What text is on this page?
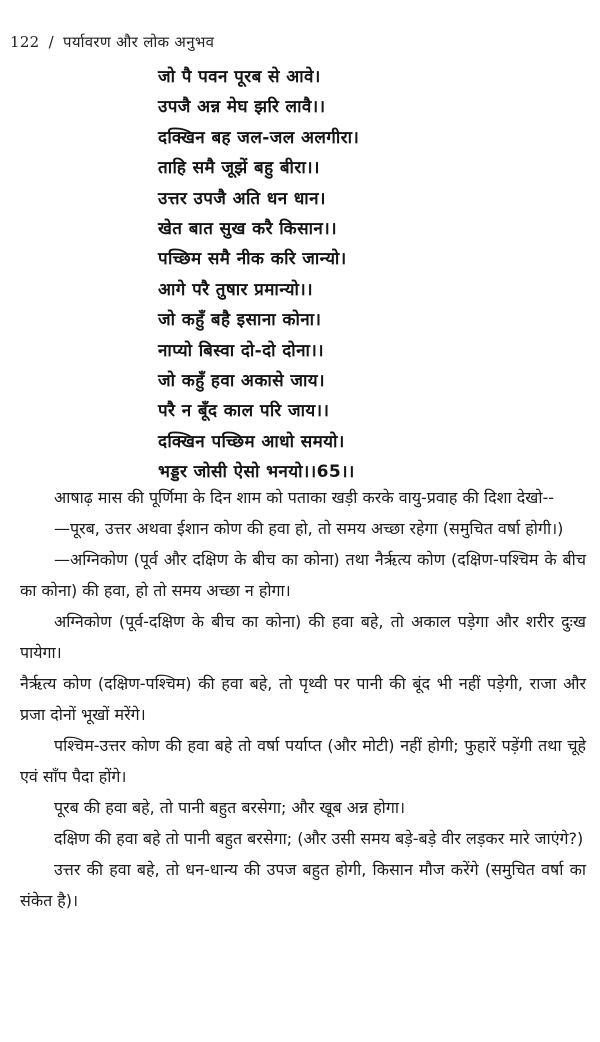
122 / पर्यावरण और लोक अनुभव
जो पै पवन पूरब से आवे।
उपजै अन्न मेघ झरि लावै।।
दक्खिन बह जल-जल अलगीरा।
ताहि समै जूझें बहु बीरा।।
उत्तर उपजै अति धन धान।
खेत बात सुख करै किसान।।
पच्छिम समै नीक करि जान्यो।
आगे परै तुषार प्रमान्यो।।
जो कहुँ बहै इसाना कोना।
नाप्यो बिस्वा दो-दो दोना।।
जो कहुँ हवा अकासे जाय।
परै न बूँद काल परि जाय।।
दक्खिन पच्छिम आधो समयो।
भड्डर जोसी ऐसो भनयो।।65।।

आषाढ़ मास की पूर्णिमा के दिन शाम को पताका खड़ी करके वायु-प्रवाह की दिशा देखो--

—पूरब, उत्तर अथवा ईशान कोण की हवा हो, तो समय अच्छा रहेगा (समुचित वर्षा होगी।)

—अग्निकोण (पूर्व और दक्षिण के बीच का कोना) तथा नैर्ऋत्य कोण (दक्षिण-पश्चिम के बीच का कोना) की हवा, हो तो समय अच्छा न होगा।

अग्निकोण (पूर्व-दक्षिण के बीच का कोना) की हवा बहे, तो अकाल पड़ेगा और शरीर दुःख पायेगा।

नैर्ऋत्य कोण (दक्षिण-पश्चिम) की हवा बहे, तो पृथ्वी पर पानी की बूंद भी नहीं पड़ेगी, राजा और प्रजा दोनों भूखों मरेंगे।

पश्चिम-उत्तर कोण की हवा बहे तो वर्षा पर्याप्त (और मोटी) नहीं होगी; फुहारें पड़ेंगी तथा चूहे एवं साँप पैदा होंगे।

पूरब की हवा बहे, तो पानी बहुत बरसेगा; और खूब अन्न होगा।

दक्षिण की हवा बहे तो पानी बहुत बरसेगा; (और उसी समय बड़े-बड़े वीर लड़कर मारे जाएंगे?)

उत्तर की हवा बहे, तो धन-धान्य की उपज बहुत होगी, किसान मौज करेंगे (समुचित वर्षा का संकेत है)।
